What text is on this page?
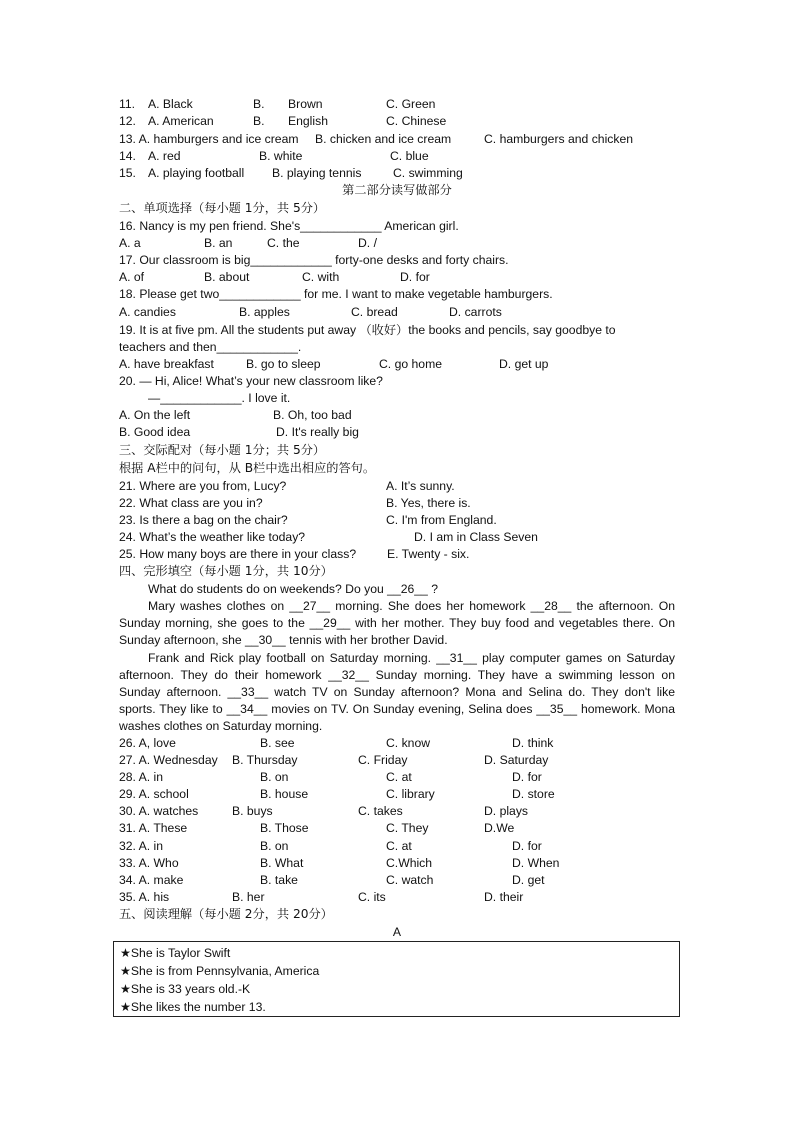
11. A. Black	B. Brown	C. Green
12. A. American	B. English	C. Chinese
13. A. hamburgers and ice cream B. chicken and ice cream	C. hamburgers and chicken
14. A. red	B. white	C. blue
15. A. playing football B. playing tennis	C. swimming
第二部分读写做部分
二、单项选择（每小题 1分，共 5分）
16. Nancy is my pen friend. She's____________ American girl.
A. a	B. an	C. the	D. /
17. Our classroom is big____________ forty-one desks and forty chairs.
A. of	B. about	C. with	D. for
18. Please get two____________ for me. I want to make vegetable hamburgers.
A. candies	B. apples	C. bread	D. carrots
19. It is at five pm. All the students put away （收好）the books and pencils, say goodbye to
teachers and then____________.
A. have breakfast	B. go to sleep	C. go home	D. get up
20. — Hi, Alice! What’s your new classroom like?
—____________. I love it.
A. On the left	B. Oh, too bad
B. Good idea	D. It's really big
三、交际配对（每小题 1分；共 5分）
根据 A栏中的问句，从 B栏中选出相应的答句。
21. Where are you from, Lucy?	A. It’s sunny.
22. What class are you in?	B. Yes, there is.
23. Is there a bag on the chair?	C. I'm from England.
24. What’s the weather like today?	D. I am in Class Seven
25. How many boys are there in your class?	E. Twenty - six.
四、完形填空（每小题 1分，共 10分）
What do students do on weekends? Do you __26__ ?
Mary washes clothes on __27__ morning. She does her homework __28__ the afternoon. On Sunday morning, she goes to the __29__ with her mother. They buy food and vegetables there. On Sunday afternoon, she __30__ tennis with her brother David.
Frank and Rick play football on Saturday morning. __31__ play computer games on Saturday afternoon. They do their homework __32__ Sunday morning. They have a swimming lesson on Sunday afternoon. __33__ watch TV on Sunday afternoon? Mona and Selina do. They don't like sports. They like to __34__ movies on TV. On Sunday evening, Selina does __35__ homework. Mona washes clothes on Saturday morning.
26. A, love	B. see	C. know	D. think
27. A. Wednesday B. Thursday	C. Friday	D. Saturday
28. A. in	B. on	C. at	D. for
29. A. school	B. house	C. library	D. store
30. A. watches	B. buys	C. takes	D. plays
31. A. These	B. Those	C. They	D.We
32. A. in	B. on	C. at	D. for
33. A. Who	B. What	C.Which	D. When
34. A. make	B. take	C. watch	D. get
35. A. his	B. her	C. its	D. their
五、阅读理解（每小题 2分，共 20分）
A
★She is Taylor Swift
★She is from Pennsylvania, America
★She is 33 years old.-K
★She likes the number 13.
